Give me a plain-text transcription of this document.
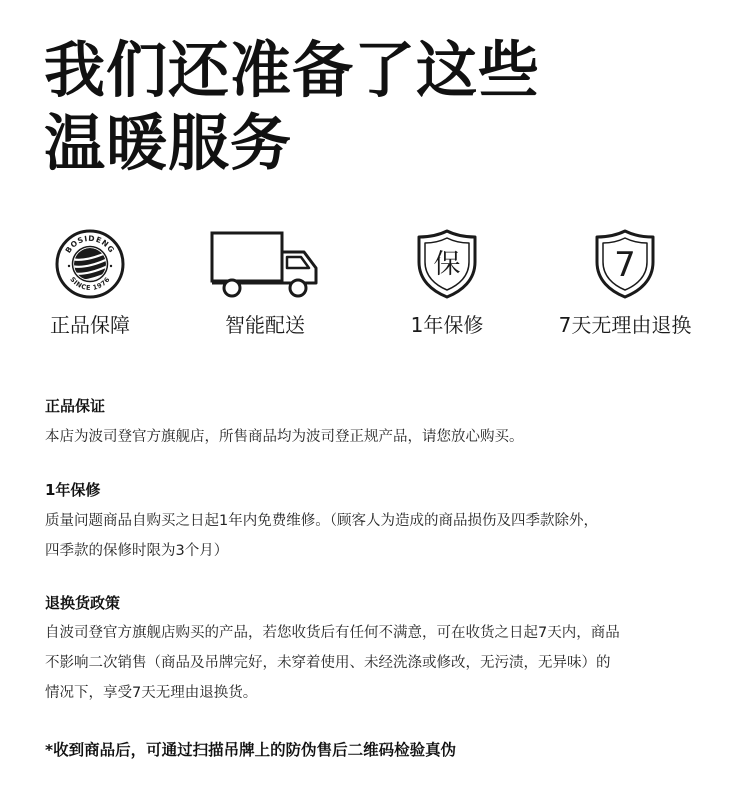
我们还准备了这些
温暖服务
BOSIDENG
SINCE 1976
正品保障	智能配送
保
1年保修
7
7天无理由退换
正品保证
本店为波司登官方旗舰店，所售商品均为波司登正规产品，请您放心购买。
1年保修
质量问题商品自购买之日起1年内免费维修。（顾客人为造成的商品损伤及四季款除外，
四季款的保修时限为3个月）
退换货政策
自波司登官方旗舰店购买的产品，若您收货后有任何不满意，可在收货之日起7天内，商品
不影响二次销售（商品及吊牌完好，未穿着使用、未经洗涤或修改，无污渍，无异味）的
情况下，享受7天无理由退换货。
*收到商品后，可通过扫描吊牌上的防伪售后二维码检验真伪
